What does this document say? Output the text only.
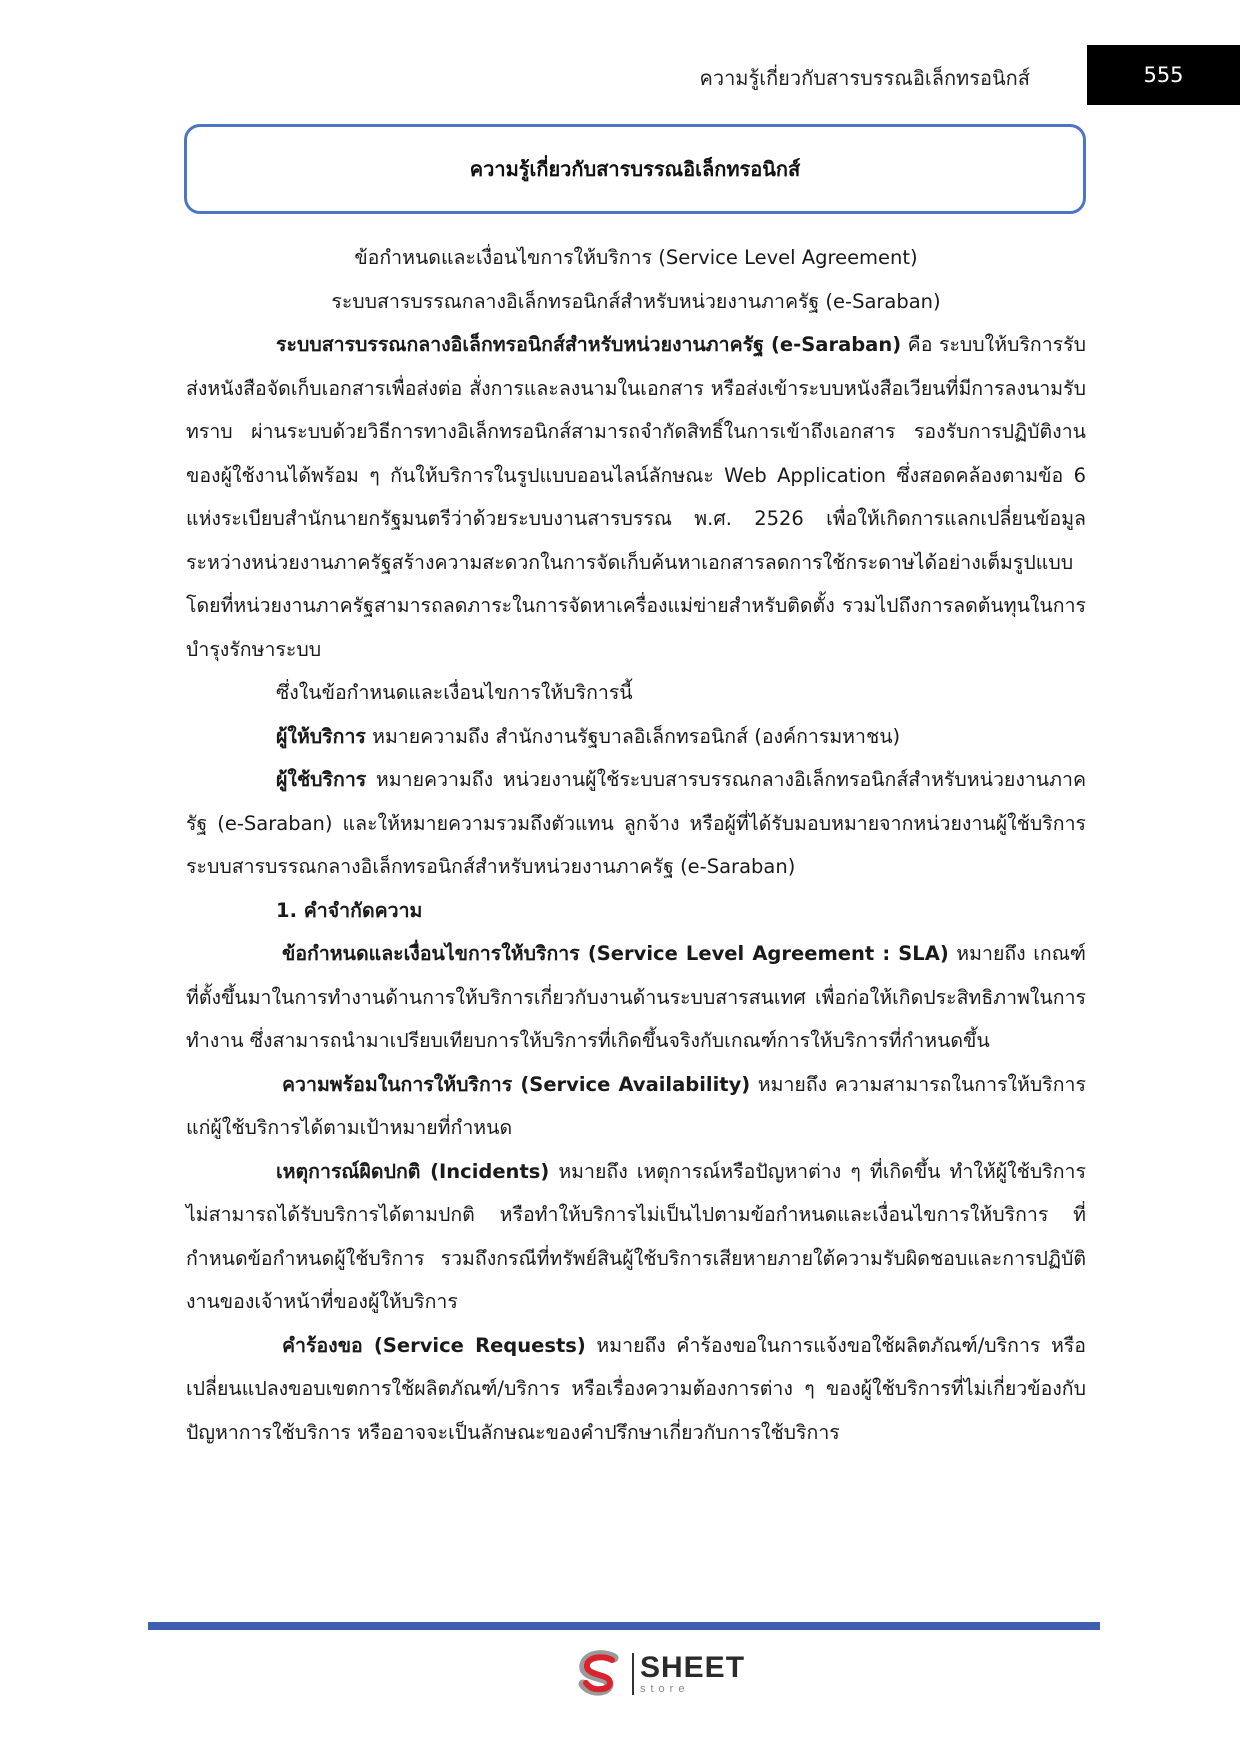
ความรู้เกี่ยวกับสารบรรณอิเล็กทรอนิกส์	555
ความรู้เกี่ยวกับสารบรรณอิเล็กทรอนิกส์

ข้อกำหนดและเงื่อนไขการให้บริการ (Service Level Agreement)

ระบบสารบรรณกลางอิเล็กทรอนิกส์สำหรับหน่วยงานภาครัฐ (e-Saraban)

ระบบสารบรรณกลางอิเล็กทรอนิกส์สำหรับหน่วยงานภาครัฐ (e-Saraban) คือ ระบบให้บริการรับส่งหนังสือจัดเก็บเอกสารเพื่อส่งต่อ สั่งการและลงนามในเอกสาร หรือส่งเข้าระบบหนังสือเวียนที่มีการลงนามรับทราบ ผ่านระบบด้วยวิธีการทางอิเล็กทรอนิกส์สามารถจำกัดสิทธิ์ในการเข้าถึงเอกสาร รองรับการปฏิบัติงานของผู้ใช้งานได้พร้อม ๆ กันให้บริการในรูปแบบออนไลน์ลักษณะ Web Application ซึ่งสอดคล้องตามข้อ 6 แห่งระเบียบสำนักนายกรัฐมนตรีว่าด้วยระบบงานสารบรรณ พ.ศ. 2526 เพื่อให้เกิดการแลกเปลี่ยนข้อมูลระหว่างหน่วยงานภาครัฐสร้างความสะดวกในการจัดเก็บค้นหาเอกสารลดการใช้กระดาษได้อย่างเต็มรูปแบบ โดยที่หน่วยงานภาครัฐสามารถลดภาระในการจัดหาเครื่องแม่ข่ายสำหรับติดตั้ง รวมไปถึงการลดต้นทุนในการบำรุงรักษาระบบ

ซึ่งในข้อกำหนดและเงื่อนไขการให้บริการนี้

ผู้ให้บริการ หมายความถึง สำนักงานรัฐบาลอิเล็กทรอนิกส์ (องค์การมหาชน)

ผู้ใช้บริการ หมายความถึง หน่วยงานผู้ใช้ระบบสารบรรณกลางอิเล็กทรอนิกส์สำหรับหน่วยงานภาครัฐ (e-Saraban) และให้หมายความรวมถึงตัวแทน ลูกจ้าง หรือผู้ที่ได้รับมอบหมายจากหน่วยงานผู้ใช้บริการระบบสารบรรณกลางอิเล็กทรอนิกส์สำหรับหน่วยงานภาครัฐ (e-Saraban)

1. คำจำกัดความ

ข้อกำหนดและเงื่อนไขการให้บริการ (Service Level Agreement : SLA) หมายถึง เกณฑ์ที่ตั้งขึ้นมาในการทำงานด้านการให้บริการเกี่ยวกับงานด้านระบบสารสนเทศ เพื่อก่อให้เกิดประสิทธิภาพในการทำงาน ซึ่งสามารถนำมาเปรียบเทียบการให้บริการที่เกิดขึ้นจริงกับเกณฑ์การให้บริการที่กำหนดขึ้น

ความพร้อมในการให้บริการ (Service Availability) หมายถึง ความสามารถในการให้บริการแก่ผู้ใช้บริการได้ตามเป้าหมายที่กำหนด

เหตุการณ์ผิดปกติ (Incidents) หมายถึง เหตุการณ์หรือปัญหาต่าง ๆ ที่เกิดขึ้น ทำให้ผู้ใช้บริการไม่สามารถได้รับบริการได้ตามปกติ หรือทำให้บริการไม่เป็นไปตามข้อกำหนดและเงื่อนไขการให้บริการ ที่กำหนดข้อกำหนดผู้ใช้บริการ รวมถึงกรณีที่ทรัพย์สินผู้ใช้บริการเสียหายภายใต้ความรับผิดชอบและการปฏิบัติงานของเจ้าหน้าที่ของผู้ให้บริการ

คำร้องขอ (Service Requests) หมายถึง คำร้องขอในการแจ้งขอใช้ผลิตภัณฑ์/บริการ หรือเปลี่ยนแปลงขอบเขตการใช้ผลิตภัณฑ์/บริการ หรือเรื่องความต้องการต่าง ๆ ของผู้ใช้บริการที่ไม่เกี่ยวข้องกับปัญหาการใช้บริการ หรืออาจจะเป็นลักษณะของคำปรึกษาเกี่ยวกับการใช้บริการ

SHEET
store
